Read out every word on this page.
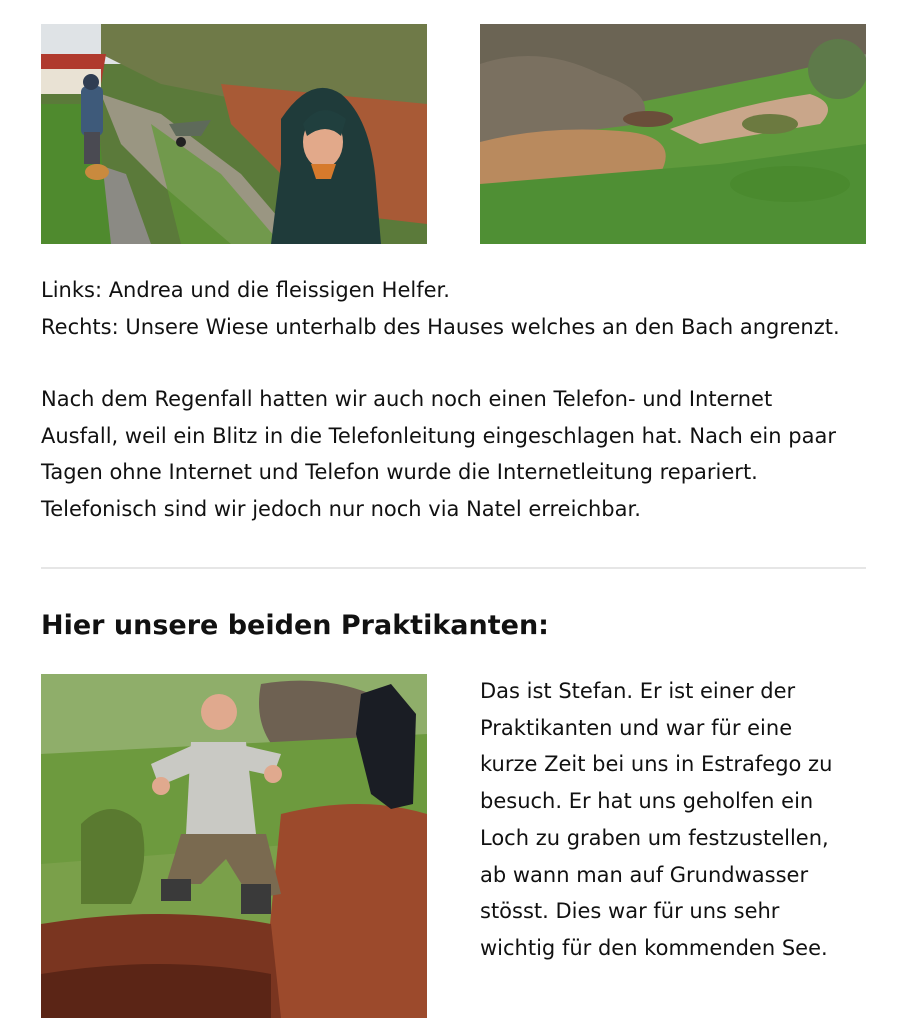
Links: Andrea und die fleissigen Helfer.
Rechts: Unsere Wiese unterhalb des Hauses welches an den Bach angrenzt.
Nach dem Regenfall hatten wir auch noch einen Telefon- und Internet
Ausfall, weil ein Blitz in die Telefonleitung eingeschlagen hat. Nach ein paar
Tagen ohne Internet und Telefon wurde die Internetleitung repariert.
Telefonisch sind wir jedoch nur noch via Natel erreichbar.
Hier unsere beiden Praktikanten:
Das ist Stefan. Er ist einer der
Praktikanten und war für eine
kurze Zeit bei uns in Estrafego zu
besuch. Er hat uns geholfen ein
Loch zu graben um festzustellen,
ab wann man auf Grundwasser
stösst. Dies war für uns sehr
wichtig für den kommenden See.
